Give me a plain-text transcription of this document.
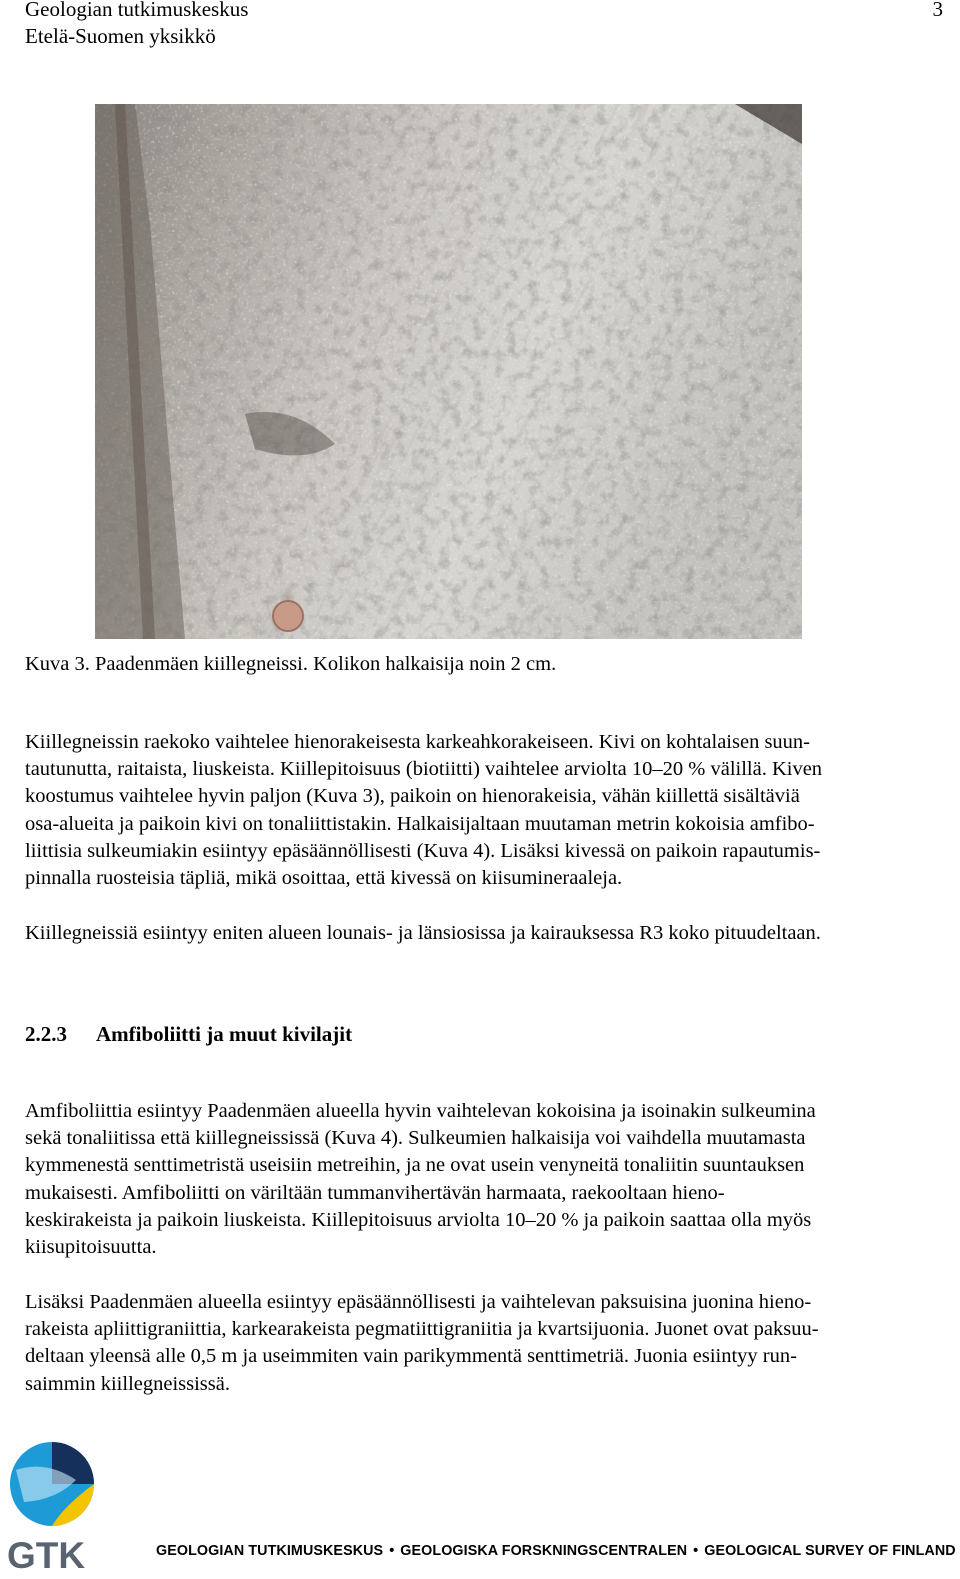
Geologian tutkimuskeskus
Etelä-Suomen yksikkö
3
Kuva 3. Paadenmäen kiillegneissi. Kolikon halkaisija noin 2 cm.
Kiillegneissin raekoko vaihtelee hienorakeisesta karkeahkorakeiseen. Kivi on kohtalaisen suun-
tautunutta, raitaista, liuskeista. Kiillepitoisuus (biotiitti) vaihtelee arviolta 10–20 % välillä. Kiven
koostumus vaihtelee hyvin paljon (Kuva 3), paikoin on hienorakeisia, vähän kiillettä sisältäviä
osa-alueita ja paikoin kivi on tonaliittistakin. Halkaisijaltaan muutaman metrin kokoisia amfibo-
liittisia sulkeumiakin esiintyy epäsäännöllisesti (Kuva 4). Lisäksi kivessä on paikoin rapautumis-
pinnalla ruosteisia täpliä, mikä osoittaa, että kivessä on kiisumineraaleja.
Kiillegneissiä esiintyy eniten alueen lounais- ja länsiosissa ja kairauksessa R3 koko pituudeltaan.
2.2.3 Amfiboliitti ja muut kivilajit
Amfiboliittia esiintyy Paadenmäen alueella hyvin vaihtelevan kokoisina ja isoinakin sulkeumina
sekä tonaliitissa että kiillegneississä (Kuva 4). Sulkeumien halkaisija voi vaihdella muutamasta
kymmenestä senttimetristä useisiin metreihin, ja ne ovat usein venyneitä tonaliitin suuntauksen
mukaisesti. Amfiboliitti on väriltään tummanvihertävän harmaata, raekooltaan hieno-
keskirakeista ja paikoin liuskeista. Kiillepitoisuus arviolta 10–20 % ja paikoin saattaa olla myös
kiisupitoisuutta.
Lisäksi Paadenmäen alueella esiintyy epäsäännöllisesti ja vaihtelevan paksuisina juonina hieno-
rakeista apliittigraniittia, karkearakeista pegmatiittigraniitia ja kvartsijuonia. Juonet ovat paksuu-
deltaan yleensä alle 0,5 m ja useimmiten vain parikymmentä senttimetriä. Juonia esiintyy run-
saimmin kiillegneississä.
GTK	GEOLOGIAN TUTKIMUSKESKUS • GEOLOGISKA FORSKNINGSCENTRALEN • GEOLOGICAL SURVEY OF FINLAND
